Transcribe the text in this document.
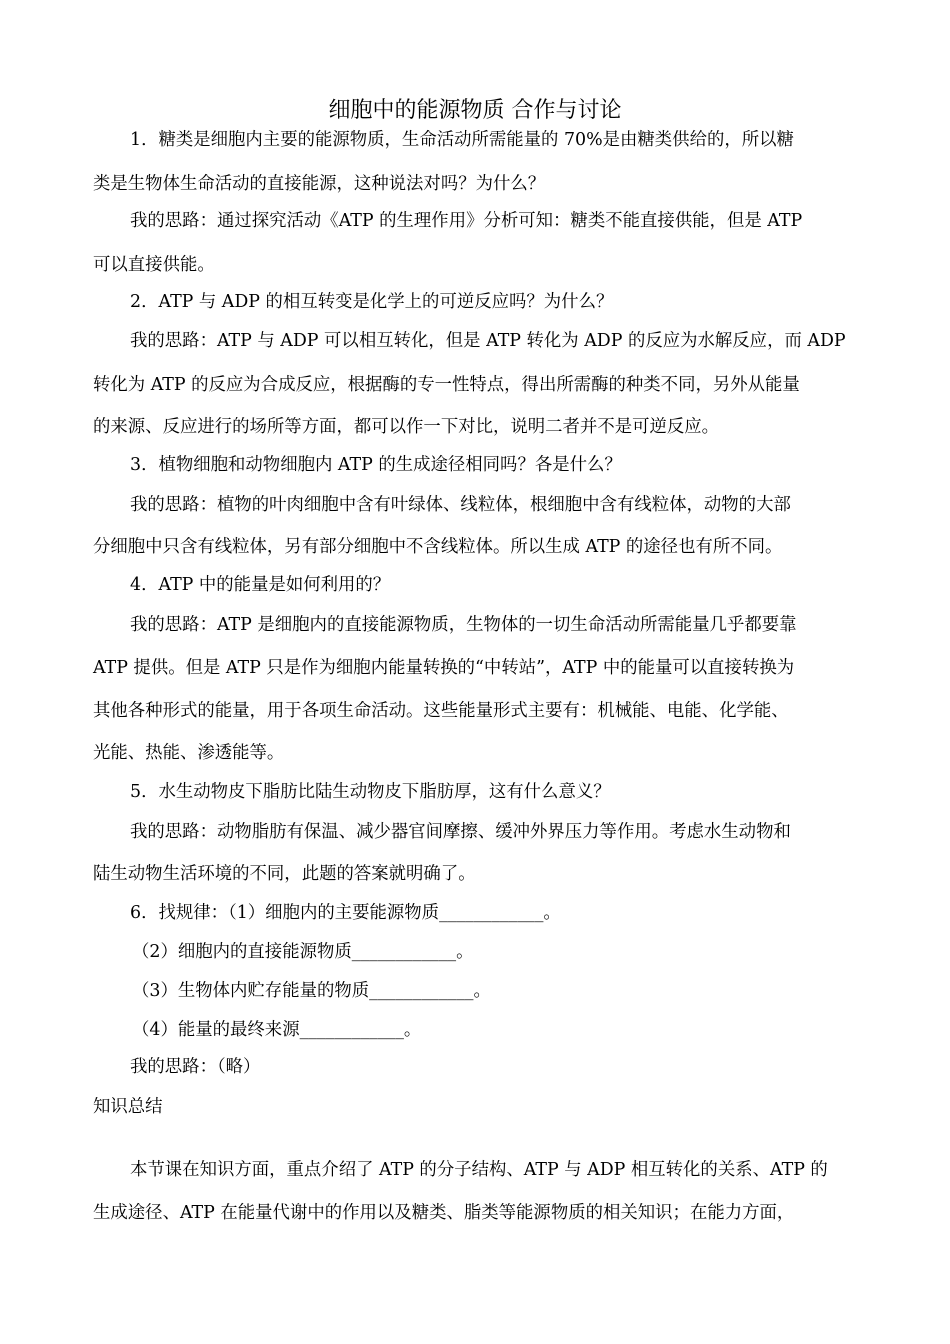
细胞中的能源物质 合作与讨论
1．糖类是细胞内主要的能源物质，生命活动所需能量的 70%是由糖类供给的，所以糖
类是生物体生命活动的直接能源，这种说法对吗？为什么？
我的思路：通过探究活动《ATP 的生理作用》分析可知：糖类不能直接供能，但是 ATP
可以直接供能。
2．ATP 与 ADP 的相互转变是化学上的可逆反应吗？为什么？
我的思路：ATP 与 ADP 可以相互转化，但是 ATP 转化为 ADP 的反应为水解反应，而 ADP
转化为 ATP 的反应为合成反应，根据酶的专一性特点，得出所需酶的种类不同，另外从能量
的来源、反应进行的场所等方面，都可以作一下对比，说明二者并不是可逆反应。
3．植物细胞和动物细胞内 ATP 的生成途径相同吗？各是什么？
我的思路：植物的叶肉细胞中含有叶绿体、线粒体，根细胞中含有线粒体，动物的大部
分细胞中只含有线粒体，另有部分细胞中不含线粒体。所以生成 ATP 的途径也有所不同。
4．ATP 中的能量是如何利用的？
我的思路：ATP 是细胞内的直接能源物质，生物体的一切生命活动所需能量几乎都要靠
ATP 提供。但是 ATP 只是作为细胞内能量转换的“中转站”，ATP 中的能量可以直接转换为
其他各种形式的能量，用于各项生命活动。这些能量形式主要有：机械能、电能、化学能、
光能、热能、渗透能等。
5．水生动物皮下脂肪比陆生动物皮下脂肪厚，这有什么意义？
我的思路：动物脂肪有保温、减少器官间摩擦、缓冲外界压力等作用。考虑水生动物和
陆生动物生活环境的不同，此题的答案就明确了。
6．找规律：（1）细胞内的主要能源物质____________。
（2）细胞内的直接能源物质____________。
（3）生物体内贮存能量的物质____________。
（4）能量的最终来源____________。
我的思路：（略）
知识总结
本节课在知识方面，重点介绍了 ATP 的分子结构、ATP 与 ADP 相互转化的关系、ATP 的
生成途径、ATP 在能量代谢中的作用以及糖类、脂类等能源物质的相关知识；在能力方面，
